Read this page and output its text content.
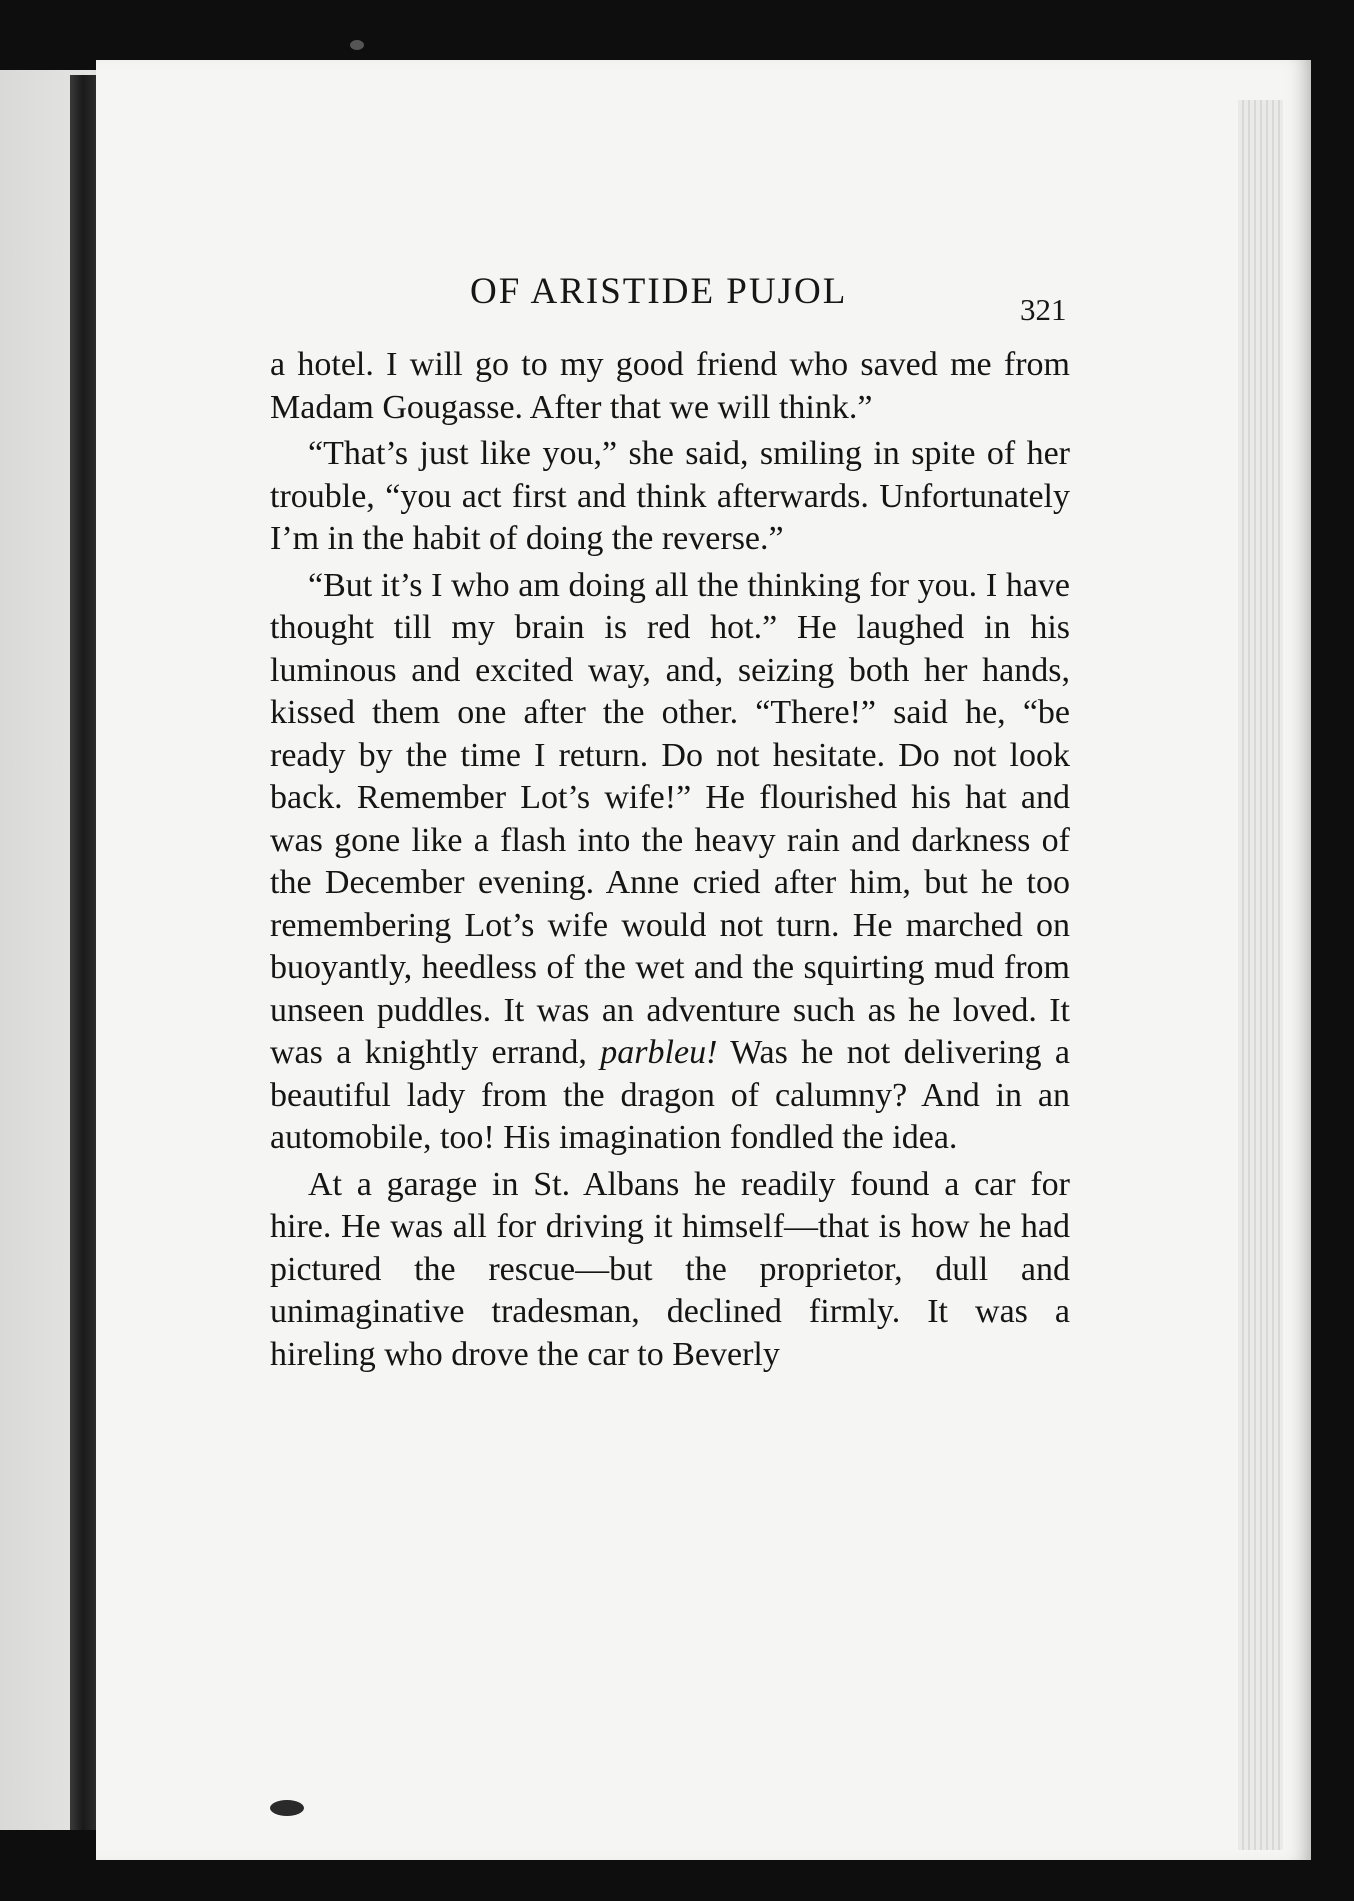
OF ARISTIDE PUJOL	321

a hotel. I will go to my good friend who saved me from Madam Gougasse. After that we will think.”

“That’s just like you,” she said, smiling in spite of her trouble, “you act first and think afterwards. Unfortunately I’m in the habit of doing the reverse.”

“But it’s I who am doing all the thinking for you. I have thought till my brain is red hot.” He laughed in his luminous and excited way, and, seizing both her hands, kissed them one after the other. “There!” said he, “be ready by the time I return. Do not hesitate. Do not look back. Remember Lot’s wife!” He flourished his hat and was gone like a flash into the heavy rain and darkness of the December evening. Anne cried after him, but he too remembering Lot’s wife would not turn. He marched on buoyantly, heedless of the wet and the squirting mud from unseen puddles. It was an adventure such as he loved. It was a knightly errand, parbleu! Was he not delivering a beautiful lady from the dragon of calumny? And in an automobile, too! His imagination fondled the idea.

At a garage in St. Albans he readily found a car for hire. He was all for driving it himself—that is how he had pictured the rescue—but the proprietor, dull and unimaginative tradesman, declined firmly. It was a hireling who drove the car to Beverly
